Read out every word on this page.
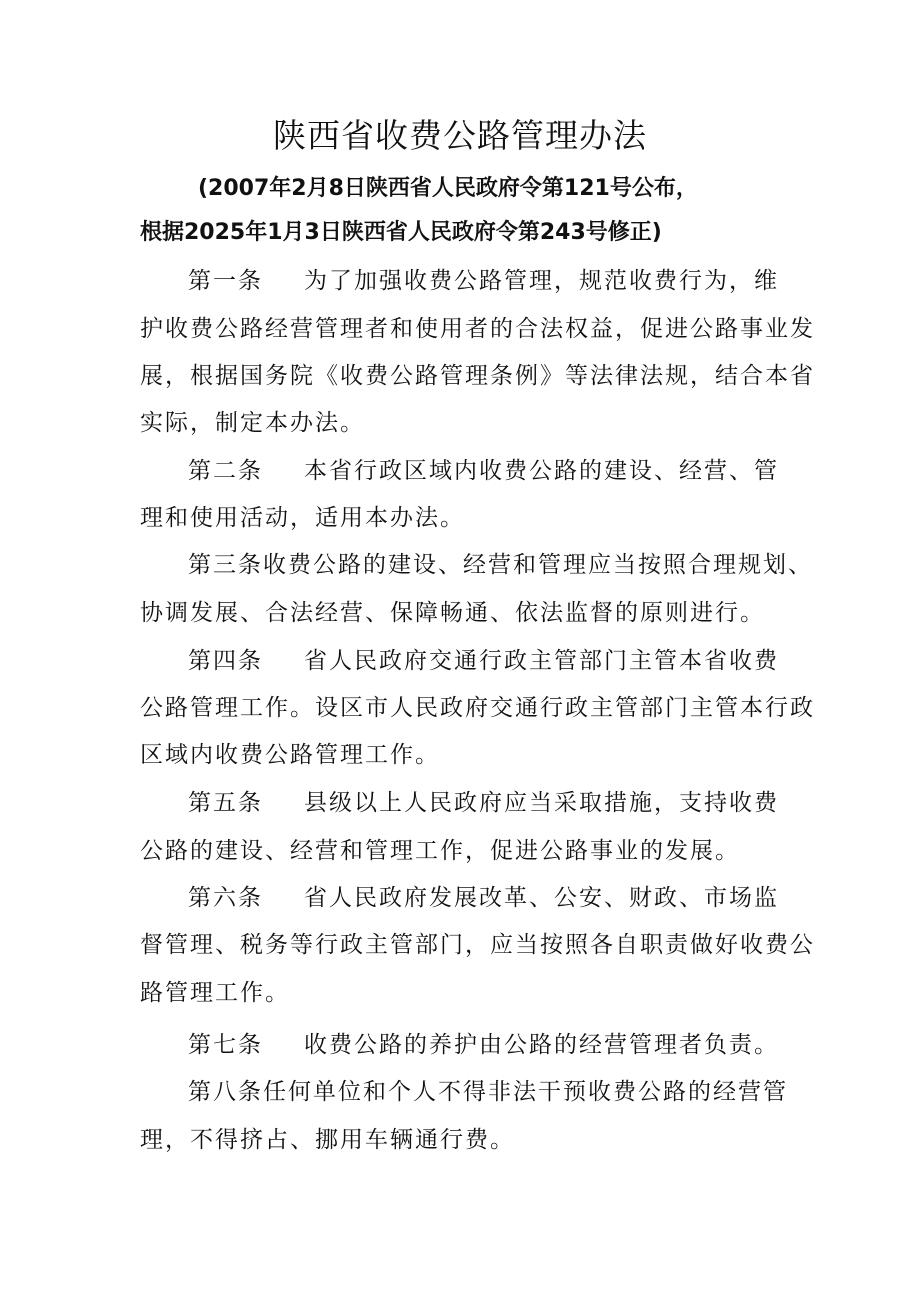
陕西省收费公路管理办法
(2007年2月8日陕西省人民政府令第121号公布，
根据2025年1月3日陕西省人民政府令第243号修正)
第一条 为了加强收费公路管理，规范收费行为，维
护收费公路经营管理者和使用者的合法权益，促进公路事业发
展，根据国务院《收费公路管理条例》等法律法规，结合本省
实际，制定本办法。
第二条 本省行政区域内收费公路的建设、经营、管
理和使用活动，适用本办法。
第三条收费公路的建设、经营和管理应当按照合理规划、
协调发展、合法经营、保障畅通、依法监督的原则进行。
第四条 省人民政府交通行政主管部门主管本省收费
公路管理工作。设区市人民政府交通行政主管部门主管本行政
区域内收费公路管理工作。
第五条 县级以上人民政府应当采取措施，支持收费
公路的建设、经营和管理工作，促进公路事业的发展。
第六条 省人民政府发展改革、公安、财政、市场监
督管理、税务等行政主管部门，应当按照各自职责做好收费公
路管理工作。
第七条 收费公路的养护由公路的经营管理者负责。
第八条任何单位和个人不得非法干预收费公路的经营管
理，不得挤占、挪用车辆通行费。
